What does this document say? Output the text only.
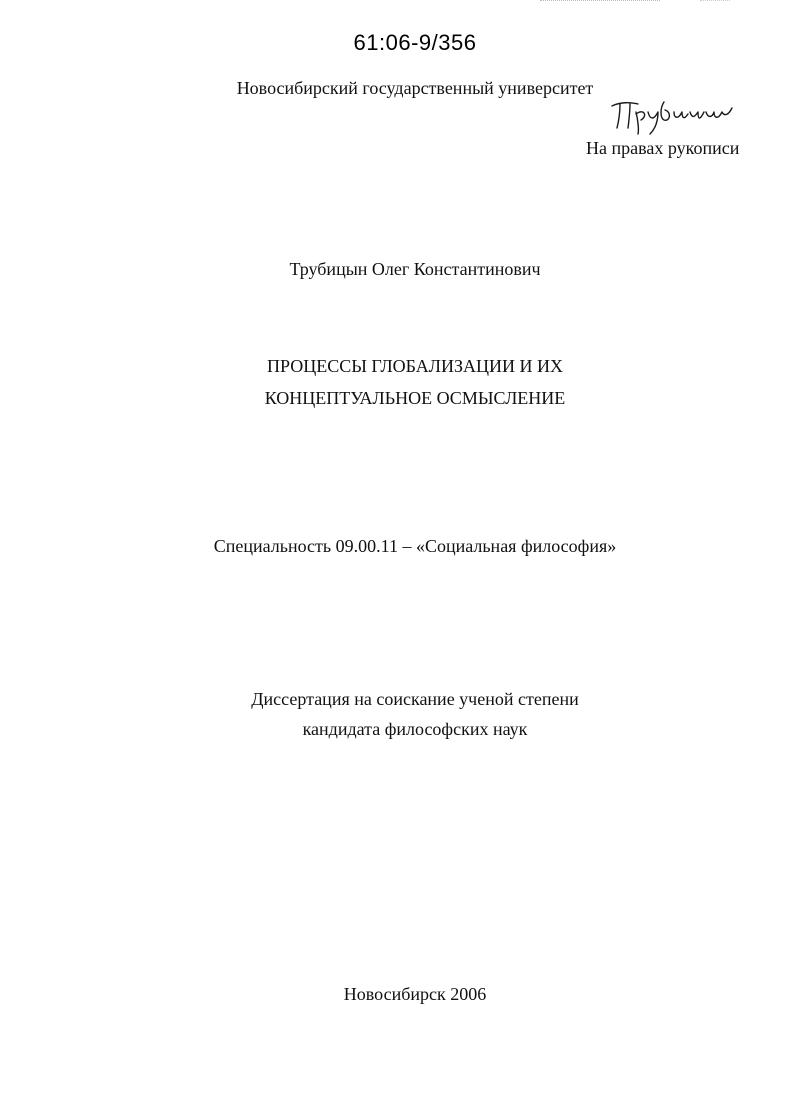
61:06-9/356
Новосибирский государственный университет
На правах рукописи
Трубицын Олег Константинович
ПРОЦЕССЫ ГЛОБАЛИЗАЦИИ И ИХ
КОНЦЕПТУАЛЬНОЕ ОСМЫСЛЕНИЕ
Специальность 09.00.11 – «Социальная философия»
Диссертация на соискание ученой степени
кандидата философских наук
Новосибирск 2006
